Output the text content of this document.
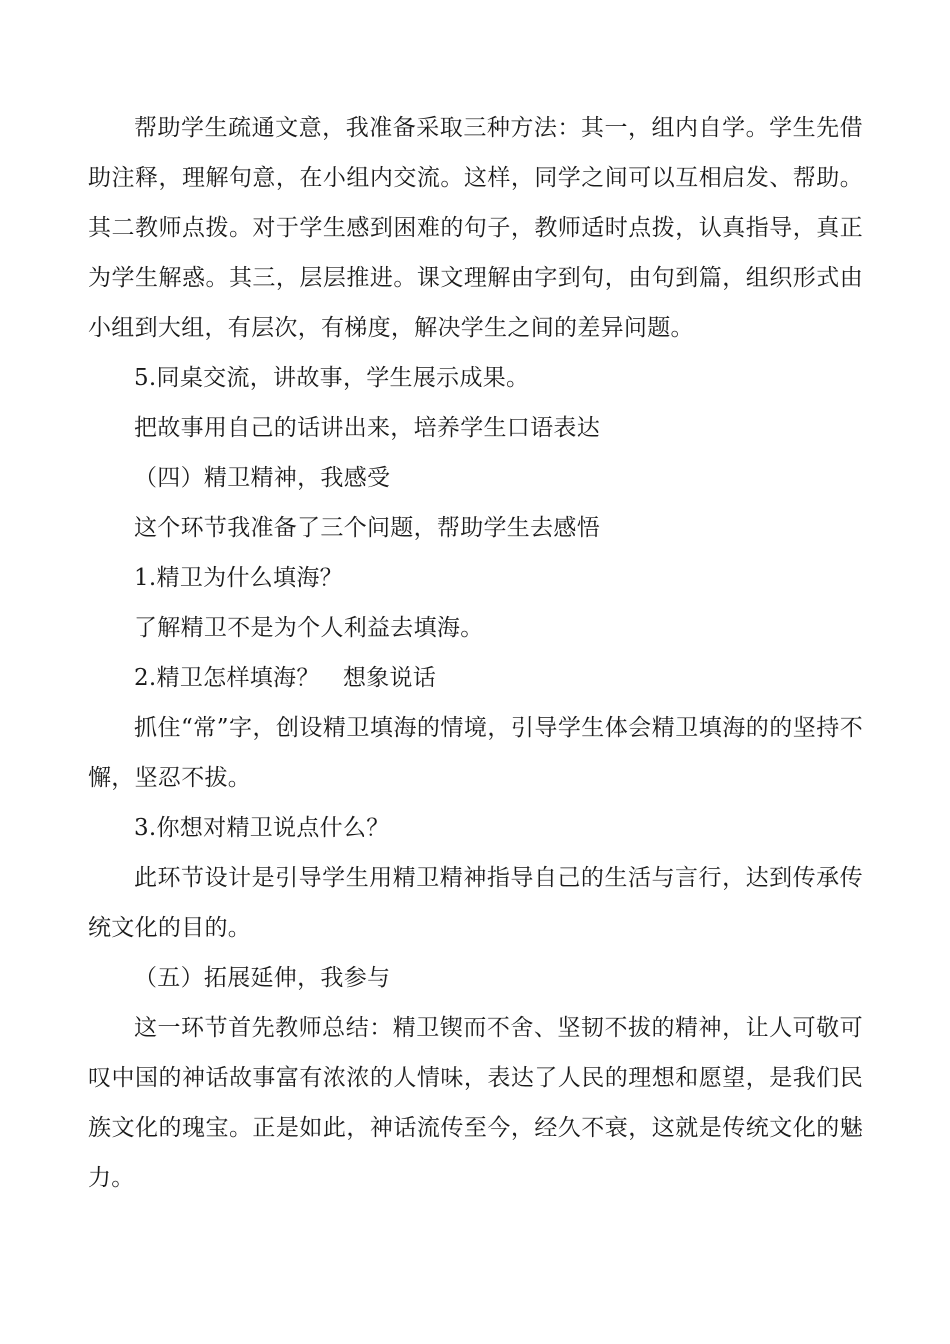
帮助学生疏通文意，我准备采取三种方法：其一，组内自学。学生先借助注释，理解句意，在小组内交流。这样，同学之间可以互相启发、帮助。其二教师点拨。对于学生感到困难的句子，教师适时点拨，认真指导，真正为学生解惑。其三，层层推进。课文理解由字到句，由句到篇，组织形式由小组到大组，有层次，有梯度，解决学生之间的差异问题。

5.同桌交流，讲故事，学生展示成果。

把故事用自己的话讲出来，培养学生口语表达

（四）精卫精神，我感受

这个环节我准备了三个问题，帮助学生去感悟

1.精卫为什么填海？

了解精卫不是为个人利益去填海。

2.精卫怎样填海？　想象说话

抓住“常”字，创设精卫填海的情境，引导学生体会精卫填海的的坚持不懈，坚忍不拔。

3.你想对精卫说点什么？

此环节设计是引导学生用精卫精神指导自己的生活与言行，达到传承传统文化的目的。

（五）拓展延伸，我参与

这一环节首先教师总结：精卫锲而不舍、坚韧不拔的精神，让人可敬可叹中国的神话故事富有浓浓的人情味，表达了人民的理想和愿望，是我们民族文化的瑰宝。正是如此，神话流传至今，经久不衰，这就是传统文化的魅力。
